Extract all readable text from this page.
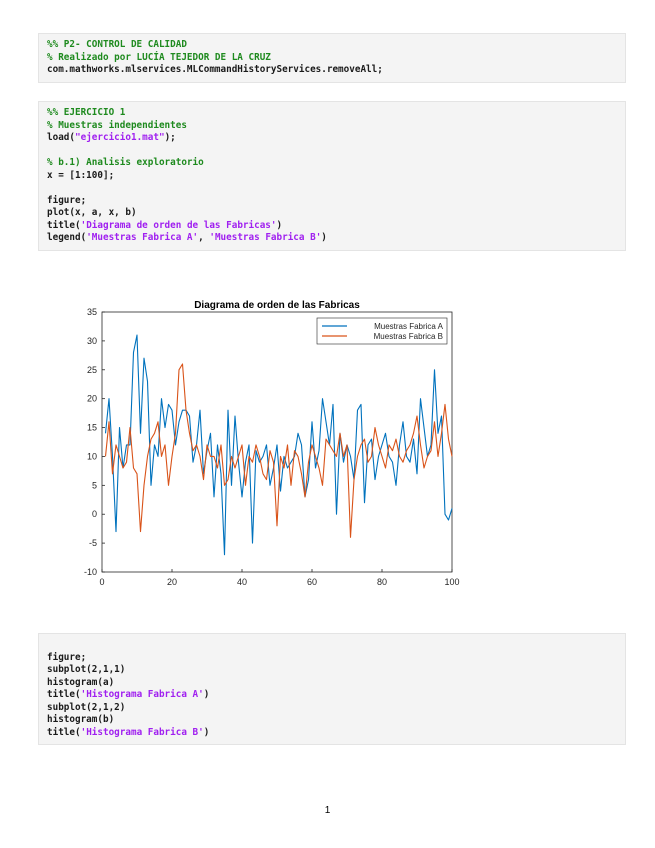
%% P2- CONTROL DE CALIDAD
% Realizado por LUCÍA TEJEDOR DE LA CRUZ
com.mathworks.mlservices.MLCommandHistoryServices.removeAll;
%% EJERCICIO 1
% Muestras independientes
load("ejercicio1.mat");
% b.1) Analisis exploratorio
x = [1:100];
figure;
plot(x, a, x, b)
title('Diagrama de orden de las Fabricas')
legend('Muestras Fabrica A', 'Muestras Fabrica B')
0	20	40	60	80	100
-10
-5
0
5
10
15
20
25
30
35
Diagrama de orden de las Fabricas
Muestras Fabrica A
Muestras Fabrica B
figure;
subplot(2,1,1)
histogram(a)
title('Histograma Fabrica A')
subplot(2,1,2)
histogram(b)
title('Histograma Fabrica B')
1
